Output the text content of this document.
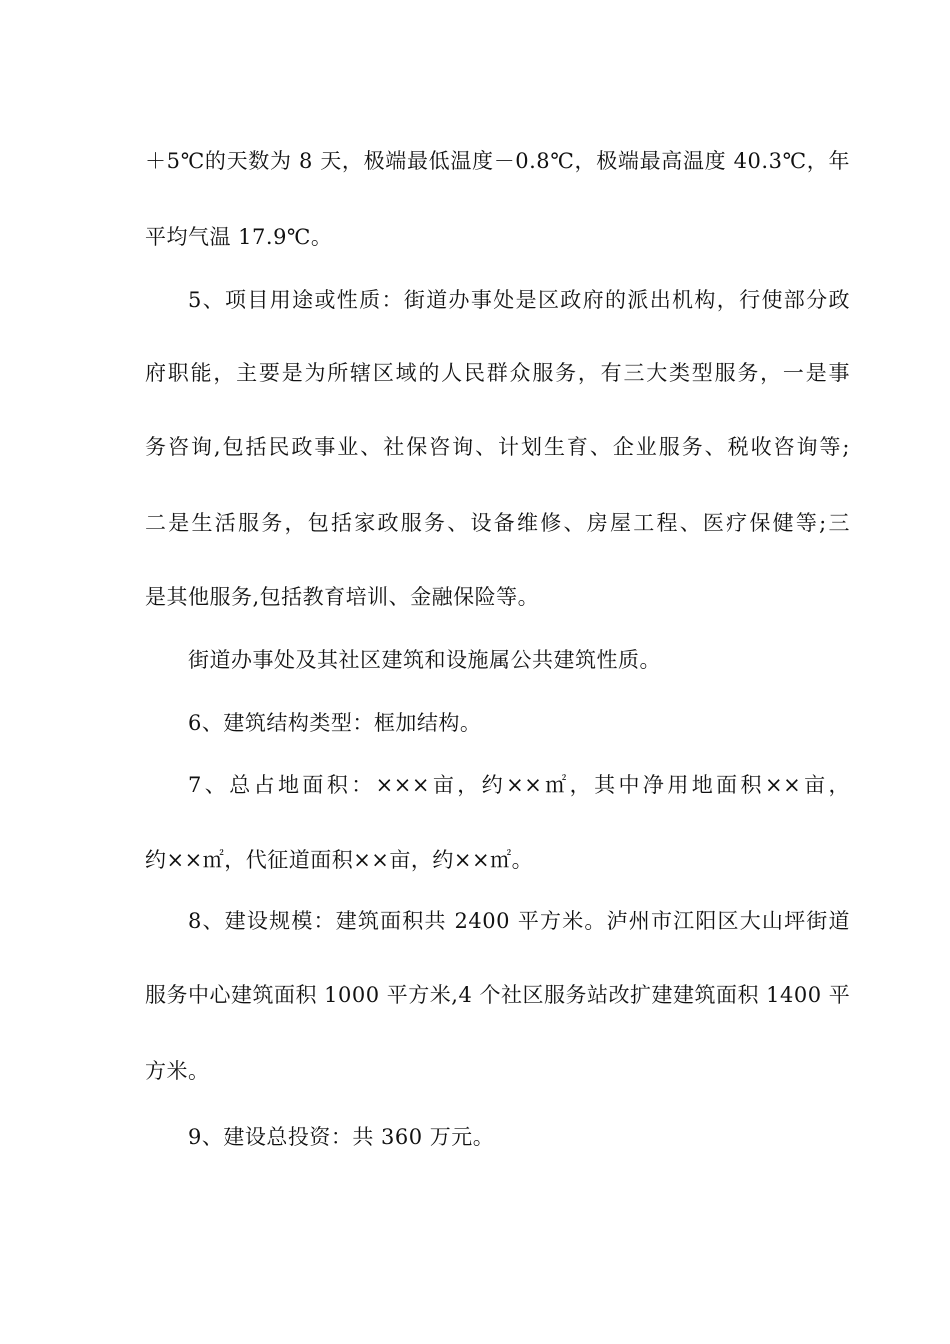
＋5℃的天数为 8 天，极端最低温度－0.8℃，极端最高温度 40.3℃，年
平均气温 17.9℃。
5、项目用途或性质：街道办事处是区政府的派出机构，行使部分政
府职能，主要是为所辖区域的人民群众服务，有三大类型服务，一是事
务咨询,包括民政事业、社保咨询、计划生育、企业服务、税收咨询等;
二是生活服务，包括家政服务、设备维修、房屋工程、医疗保健等;三
是其他服务,包括教育培训、金融保险等。
街道办事处及其社区建筑和设施属公共建筑性质。
6、建筑结构类型：框加结构。
7、总占地面积：×××亩，约××㎡，其中净用地面积××亩，
约××㎡，代征道面积××亩，约××㎡。
8、建设规模：建筑面积共 2400 平方米。泸州市江阳区大山坪街道
服务中心建筑面积 1000 平方米,4 个社区服务站改扩建建筑面积 1400 平
方米。
9、建设总投资：共 360 万元。
